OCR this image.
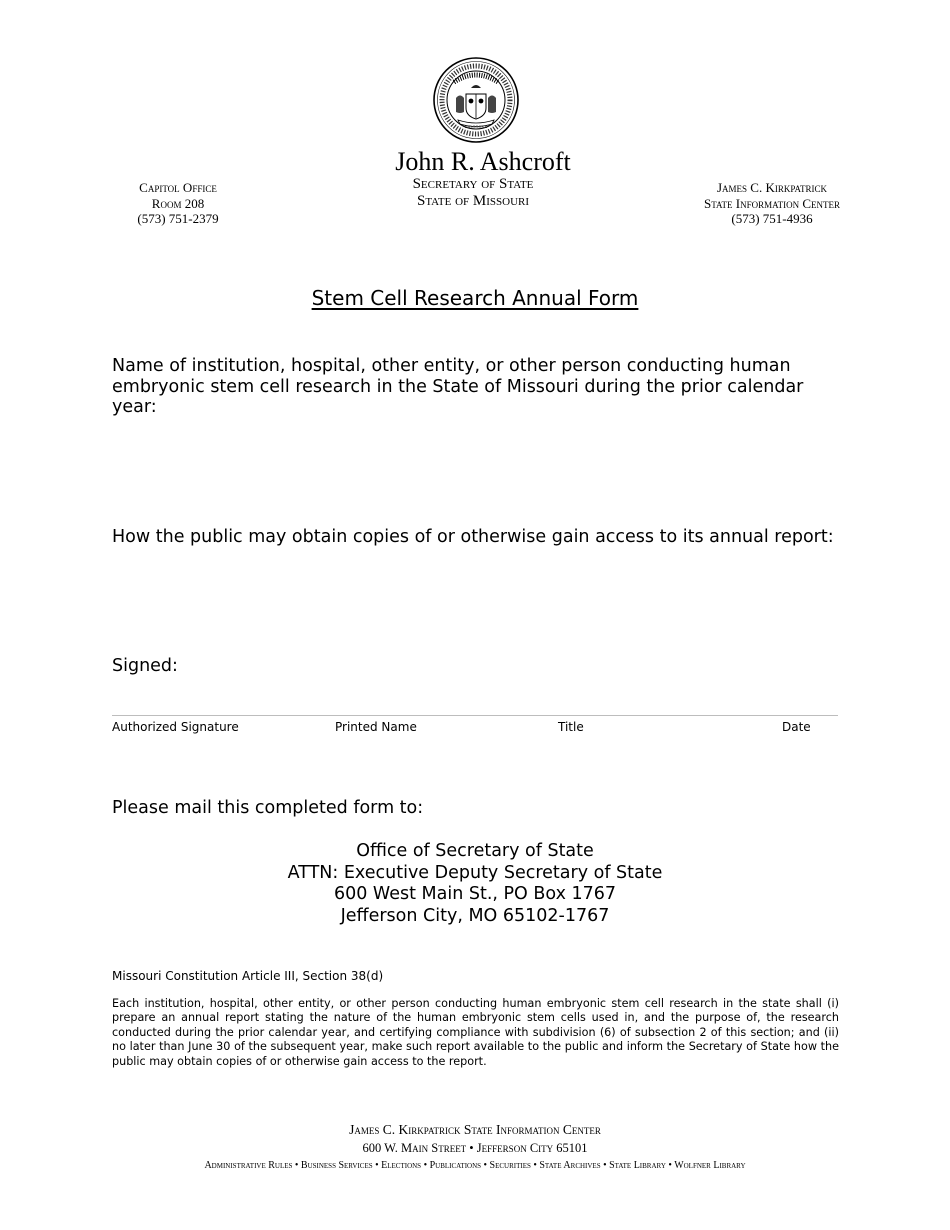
MDCCCXX
John R. Ashcroft
Secretary of State
State of Missouri
Capitol Office
Room 208
(573) 751-2379
James C. Kirkpatrick
State Information Center
(573) 751-4936
Stem Cell Research Annual Form
Name of institution, hospital, other entity, or other person conducting human embryonic stem cell research in the State of Missouri during the prior calendar year:
How the public may obtain copies of or otherwise gain access to its annual report:
Signed:
Authorized Signature	Printed Name	Title	Date
Please mail this completed form to:
Office of Secretary of State
ATTN: Executive Deputy Secretary of State
600 West Main St., PO Box 1767
Jefferson City, MO 65102-1767
Missouri Constitution Article III, Section 38(d)
Each institution, hospital, other entity, or other person conducting human embryonic stem cell research in the state shall (i) prepare an annual report stating the nature of the human embryonic stem cells used in, and the purpose of, the research conducted during the prior calendar year, and certifying compliance with subdivision (6) of subsection 2 of this section; and (ii) no later than June 30 of the subsequent year, make such report available to the public and inform the Secretary of State how the public may obtain copies of or otherwise gain access to the report.
James C. Kirkpatrick State Information Center
600 W. Main Street • Jefferson City 65101
Administrative Rules • Business Services • Elections • Publications • Securities • State Archives • State Library • Wolfner Library
